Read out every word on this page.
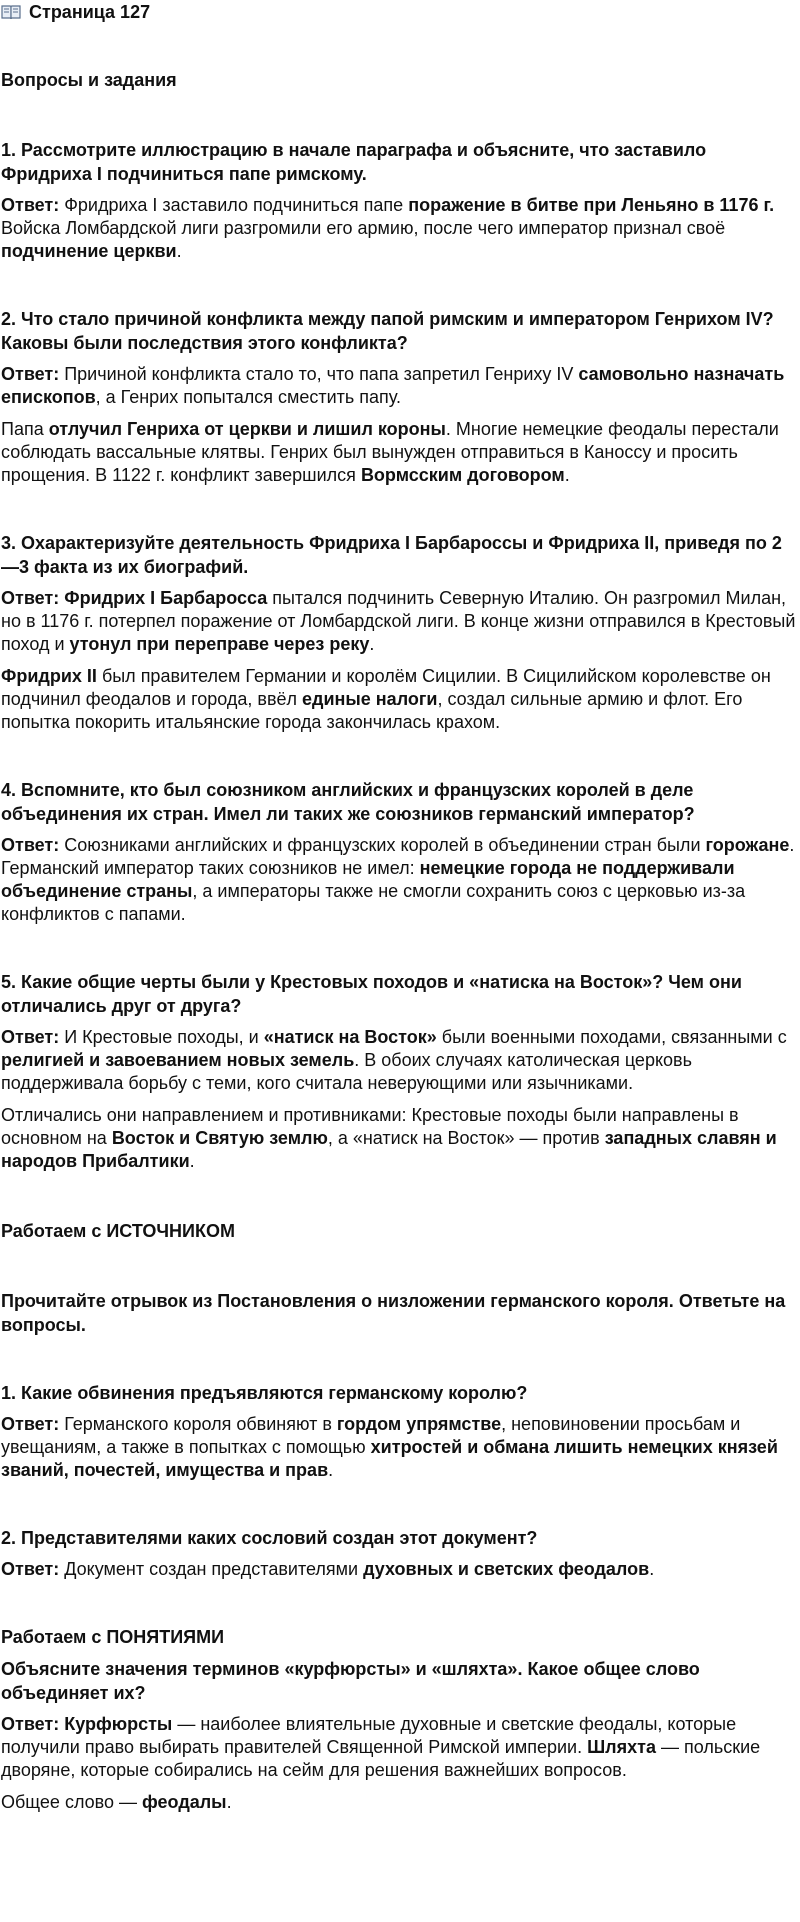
Страница 127
Вопросы и задания

1. Рассмотрите иллюстрацию в начале параграфа и объясните, что заставило Фридриха I подчиниться папе римскому.

Ответ: Фридриха I заставило подчиниться папе поражение в битве при Леньяно в 1176 г. Войска Ломбардской лиги разгромили его армию, после чего император признал своё подчинение церкви.

2. Что стало причиной конфликта между папой римским и императором Генрихом IV? Каковы были последствия этого конфликта?

Ответ: Причиной конфликта стало то, что папа запретил Генриху IV самовольно назначать епископов, а Генрих попытался сместить папу.

Папа отлучил Генриха от церкви и лишил короны. Многие немецкие феодалы перестали соблюдать вассальные клятвы. Генрих был вынужден отправиться в Каноссу и просить прощения. В 1122 г. конфликт завершился Вормсским договором.

3. Охарактеризуйте деятельность Фридриха I Барбароссы и Фридриха II, приведя по 2—3 факта из их биографий.

Ответ: Фридрих I Барбаросса пытался подчинить Северную Италию. Он разгромил Милан, но в 1176 г. потерпел поражение от Ломбардской лиги. В конце жизни отправился в Крестовый поход и утонул при переправе через реку.

Фридрих II был правителем Германии и королём Сицилии. В Сицилийском королевстве он подчинил феодалов и города, ввёл единые налоги, создал сильные армию и флот. Его попытка покорить итальянские города закончилась крахом.

4. Вспомните, кто был союзником английских и французских королей в деле объединения их стран. Имел ли таких же союзников германский император?

Ответ: Союзниками английских и французских королей в объединении стран были горожане. Германский император таких союзников не имел: немецкие города не поддерживали объединение страны, а императоры также не смогли сохранить союз с церковью из-за конфликтов с папами.

5. Какие общие черты были у Крестовых походов и «натиска на Восток»? Чем они отличались друг от друга?

Ответ: И Крестовые походы, и «натиск на Восток» были военными походами, связанными с религией и завоеванием новых земель. В обоих случаях католическая церковь поддерживала борьбу с теми, кого считала неверующими или язычниками.

Отличались они направлением и противниками: Крестовые походы были направлены в основном на Восток и Святую землю, а «натиск на Восток» — против западных славян и народов Прибалтики.

Работаем с ИСТОЧНИКОМ

Прочитайте отрывок из Постановления о низложении германского короля. Ответьте на вопросы.

1. Какие обвинения предъявляются германскому королю?

Ответ: Германского короля обвиняют в гордом упрямстве, неповиновении просьбам и увещаниям, а также в попытках с помощью хитростей и обмана лишить немецких князей званий, почестей, имущества и прав.

2. Представителями каких сословий создан этот документ?

Ответ: Документ создан представителями духовных и светских феодалов.

Работаем с ПОНЯТИЯМИ

Объясните значения терминов «курфюрсты» и «шляхта». Какое общее слово объединяет их?

Ответ: Курфюрсты — наиболее влиятельные духовные и светские феодалы, которые получили право выбирать правителей Священной Римской империи. Шляхта — польские дворяне, которые собирались на сейм для решения важнейших вопросов.

Общее слово — феодалы.
